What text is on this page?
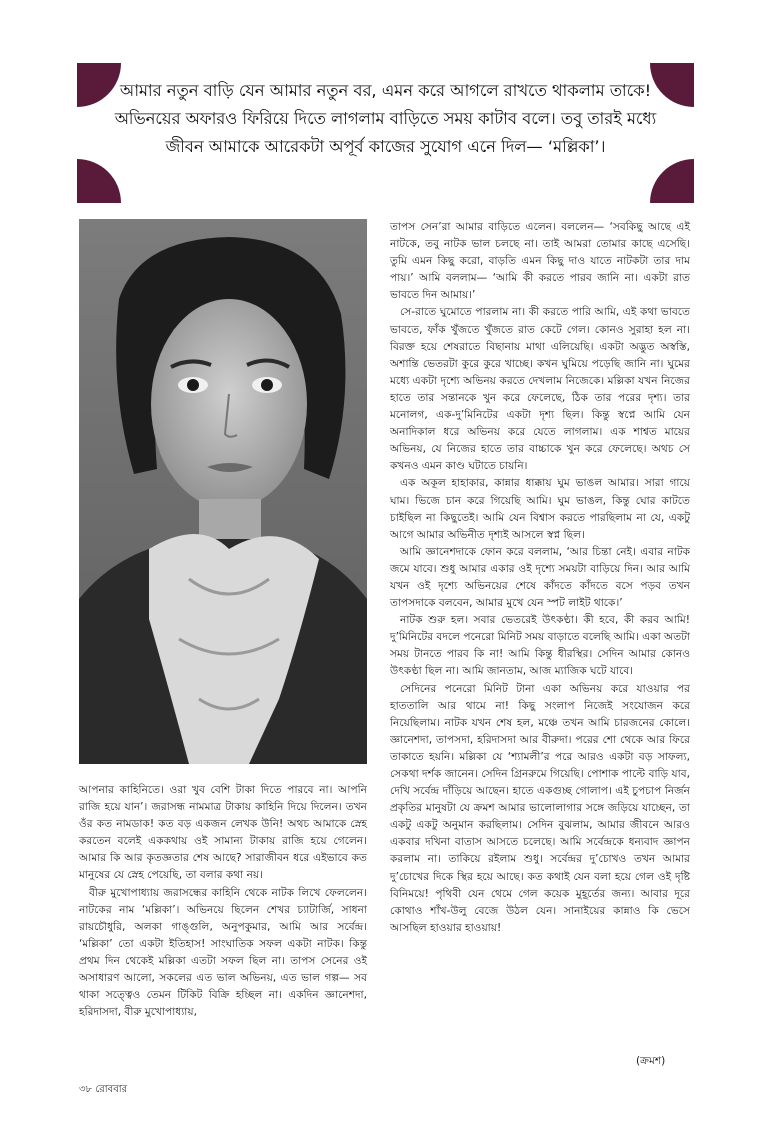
আমার নতুন বাড়ি যেন আমার নতুন বর, এমন করে আগলে রাখতে থাকলাম তাকে! অভিনয়ের অফারও ফিরিয়ে দিতে লাগলাম বাড়িতে সময় কাটাব বলে। তবু তারই মধ্যে জীবন আমাকে আরেকটা অপূর্ব কাজের সুযোগ এনে দিল— ‘মল্লিকা’।

তাপস সেন’রা আমার বাড়িতে এলেন। বললেন— ‘সবকিছু আছে এই নাটকে, তবু নাটক ভাল চলছে না। তাই আমরা তোমার কাছে এসেছি। তুমি এমন কিছু করো, বাড়তি এমন কিছু দাও যাতে নাটকটা তার দাম পায়।’ আমি বললাম— ‘আমি কী করতে পারব জানি না। একটা রাত ভাবতে দিন আমায়।’

সে-রাতে ঘুমোতে পারলাম না। কী করতে পারি আমি, এই কথা ভাবতে ভাবতে, ফাঁক খুঁজতে খুঁজতে রাত কেটে গেল। কোনও সুরাহা হল না। বিরক্ত হয়ে শেষরাতে বিছানায় মাথা এলিয়েছি। একটা অদ্ভুত অস্বস্তি, অশান্তি ভেতরটা কুরে কুরে খাচ্ছে। কখন ঘুমিয়ে পড়েছি জানি না। ঘুমের মধ্যে একটা দৃশ্যে অভিনয় করতে দেখলাম নিজেকে। মল্লিকা যখন নিজের হাতে তার সন্তানকে খুন করে ফেলেছে, ঠিক তার পরের দৃশ্য। তার মনোলগ, এক-দু’মিনিটের একটা দৃশ্য ছিল। কিন্তু স্বপ্নে আমি যেন অনাদিকাল ধরে অভিনয় করে যেতে লাগলাম। এক শাশ্বত মায়ের অভিনয়, যে নিজের হাতে তার বাচ্চাকে খুন করে ফেলেছে। অথচ সে কখনও এমন কাণ্ড ঘটাতে চায়নি।

এক অকূল হাহাকার, কান্নার ধাক্কায় ঘুম ভাঙল আমার। সারা গায়ে ঘাম। ভিজে চান করে গিয়েছি আমি। ঘুম ভাঙল, কিন্তু ঘোর কাটতে চাইছিল না কিছুতেই। আমি যেন বিশ্বাস করতে পারছিলাম না যে, একটু আগে আমার অভিনীত দৃশ্যই আসলে স্বপ্ন ছিল।

আমি জ্ঞানেশদাকে ফোন করে বললাম, ‘আর চিন্তা নেই। এবার নাটক জমে যাবে। শুধু আমার একার ওই দৃশ্যে সময়টা বাড়িয়ে দিন। আর আমি যখন ওই দৃশ্যে অভিনয়ের শেষে কাঁদতে কাঁদতে বসে পড়ব তখন তাপসদাকে বলবেন, আমার মুখে যেন স্পট লাইট থাকে।’

নাটক শুরু হল। সবার ভেতরেই উৎকণ্ঠা। কী হবে, কী করব আমি! দু’মিনিটের বদলে পনেরো মিনিট সময় বাড়াতে বলেছি আমি। একা অতটা সময় টানতে পারব কি না! আমি কিন্তু ধীরস্থির। সেদিন আমার কোনও উৎকণ্ঠা ছিল না। আমি জানতাম, আজ ম্যাজিক ঘটে যাবে।

সেদিনের পনেরো মিনিট টানা একা অভিনয় করে যাওয়ার পর হাততালি আর থামে না! কিছু সংলাপ নিজেই সংযোজন করে নিয়েছিলাম। নাটক যখন শেষ হল, মঞ্চে তখন আমি চারজনের কোলে। জ্ঞানেশদা, তাপসদা, হরিদাসদা আর বীরুদা। পরের শো থেকে আর ফিরে তাকাতে হয়নি। মল্লিকা যে ‘শ্যামলী’র পরে আরও একটা বড় সাফল্য, সেকথা দর্শক জানেন। সেদিন গ্রিনরুমে গিয়েছি। পোশাক পাল্টে বাড়ি যাব, দেখি সর্বেন্দ্র দাঁড়িয়ে আছেন। হাতে একগুচ্ছ গোলাপ। এই চুপচাপ নির্জন প্রকৃতির মানুষটা যে ক্রমশ আমার ভালোলাগার সঙ্গে জড়িয়ে যাচ্ছেন, তা একটু একটু অনুমান করছিলাম। সেদিন বুঝলাম, আমার জীবনে আরও একবার দখিনা বাতাস আসতে চলেছে। আমি সর্বেন্দ্রকে ধন্যবাদ জ্ঞাপন করলাম না। তাকিয়ে রইলাম শুধু। সর্বেন্দ্রর দু’চোখও তখন আমার দু’চোখের দিকে স্থির হয়ে আছে। কত কথাই যেন বলা হয়ে গেল ওই দৃষ্টি বিনিময়ে! পৃথিবী যেন থেমে গেল কয়েক মুহূর্তের জন্য। আবার দূরে কোথাও শাঁখ-উলু বেজে উঠল যেন। সানাইয়ের কান্নাও কি ভেসে আসছিল হাওয়ার হাওয়ায়!

আপনার কাহিনিতে। ওরা খুব বেশি টাকা দিতে পারবে না। আপনি রাজি হয়ে যান’। জরাসন্ধ নামমাত্র টাকায় কাহিনি দিয়ে দিলেন। তখন ওঁর কত নামডাক! কত বড় একজন লেখক উনি! অথচ আমাকে স্নেহ করতেন বলেই এককথায় ওই সামান্য টাকায় রাজি হয়ে গেলেন। আমার কি আর কৃতজ্ঞতার শেষ আছে? সারাজীবন ধরে এইভাবে কত মানুষের যে স্নেহ পেয়েছি, তা বলার কথা নয়।

বীরু মুখোপাধ্যায় জরাসন্ধের কাহিনি থেকে নাটক লিখে ফেললেন। নাটকের নাম ‘মল্লিকা’। অভিনয়ে ছিলেন শেখর চ্যাটার্জি, সাধনা রায়চৌধুরি, অলকা গাঙ্গুলি, অনুপকুমার, আমি আর সর্বেন্দ্র। ‘মল্লিকা’ তো একটা ইতিহাস! সাংঘাতিক সফল একটা নাটক। কিন্তু প্রথম দিন থেকেই মল্লিকা এতটা সফল ছিল না। তাপস সেনের ওই অসাধারণ আলো, সকলের এত ভাল অভিনয়, এত ভাল গল্প— সব থাকা সত্ত্বেও তেমন টিকিট বিক্রি হচ্ছিল না। একদিন জ্ঞানেশদা, হরিদাসদা, বীরু মুখোপাধ্যায়,

(ক্রমশ)
৩৮ রোববার
